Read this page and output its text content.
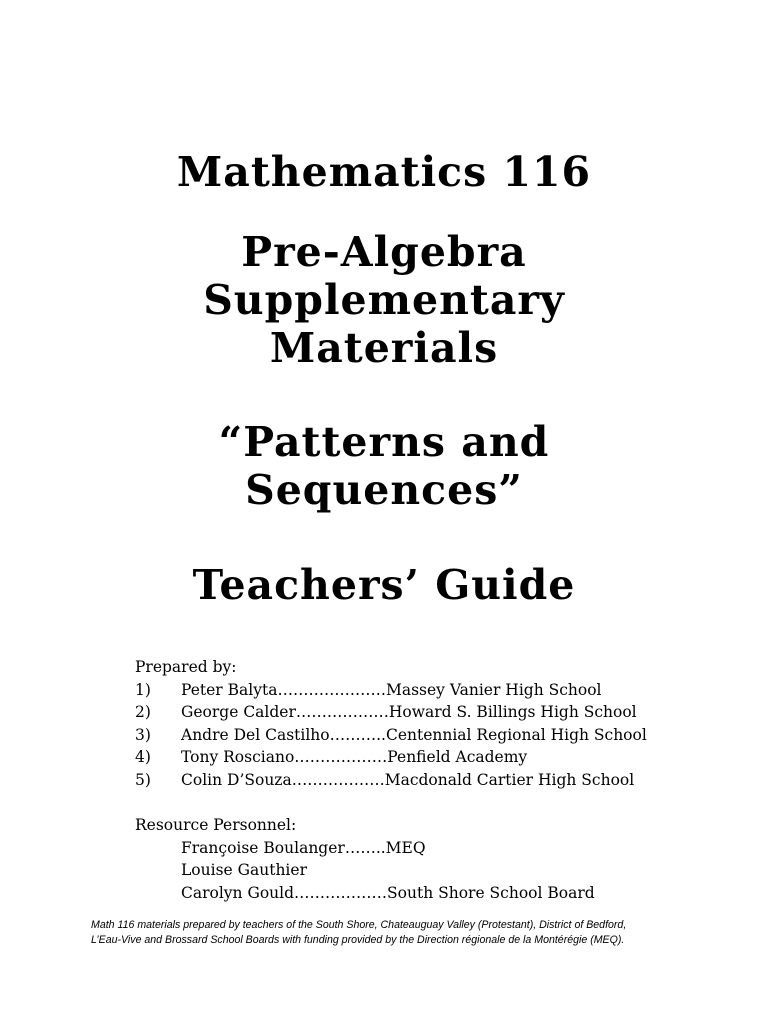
Mathematics 116
Pre-Algebra
Supplementary
Materials
“Patterns and
Sequences”
Teachers’ Guide
Prepared by:
1)	Peter Balyta ………………… Massey Vanier High School
2)	George Calder ……………… Howard S. Billings High School
3)	Andre Del Castilho ……….. Centennial Regional High School
4)	Tony Rosciano ……………… Penfield Academy
5)	Colin D’Souza ……………… Macdonald Cartier High School
Resource Personnel:
Françoise Boulanger …….. MEQ
Louise Gauthier
Carolyn Gould ……………… South Shore School Board
Math 116 materials prepared by teachers of the South Shore, Chateauguay Valley (Protestant), District of Bedford,
L’Eau-Vive and Brossard School Boards with funding provided by the Direction régionale de la Montérégie (MEQ).
